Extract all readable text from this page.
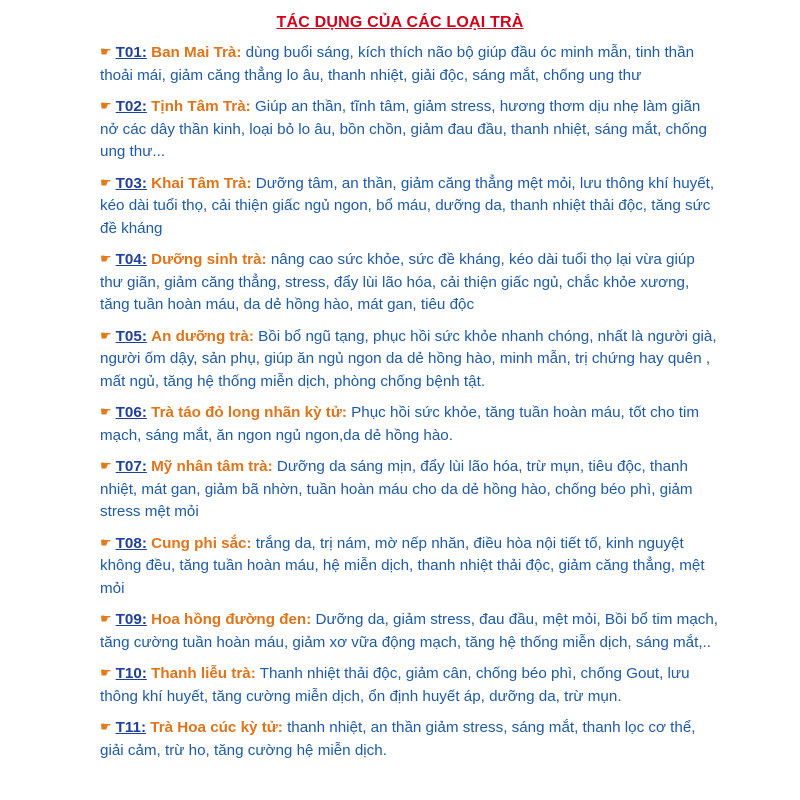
TÁC DỤNG CỦA CÁC LOẠI TRÀ
☛ T01: Ban Mai Trà: dùng buổi sáng, kích thích não bộ giúp đầu óc minh mẫn, tinh thần thoải mái, giảm căng thẳng lo âu, thanh nhiệt, giải độc, sáng mắt, chống ung thư
☛ T02: Tịnh Tâm Trà: Giúp an thần, tĩnh tâm, giảm stress, hương thơm dịu nhẹ làm giãn nở các dây thần kinh, loại bỏ lo âu, bồn chồn, giảm đau đầu, thanh nhiệt, sáng mắt, chống ung thư...
☛ T03: Khai Tâm Trà: Dưỡng tâm, an thần, giảm căng thẳng mệt mỏi, lưu thông khí huyết, kéo dài tuổi thọ, cải thiện giấc ngủ ngon, bổ máu, dưỡng da, thanh nhiệt thải độc, tăng sức đề kháng
☛ T04: Dưỡng sinh trà: nâng cao sức khỏe, sức đề kháng, kéo dài tuổi thọ lại vừa giúp thư giãn, giảm căng thẳng, stress, đẩy lùi lão hóa, cải thiện giấc ngủ, chắc khỏe xương, tăng tuần hoàn máu, da dẻ hồng hào, mát gan, tiêu độc
☛ T05: An dưỡng trà: Bồi bổ ngũ tạng, phục hồi sức khỏe nhanh chóng, nhất là người già, người ốm dậy, sản phụ, giúp ăn ngủ ngon da dẻ hồng hào, minh mẫn, trị chứng hay quên , mất ngủ, tăng hệ thống miễn dịch, phòng chống bệnh tật.
☛ T06: Trà táo đỏ long nhãn kỳ tử: Phục hồi sức khỏe, tăng tuần hoàn máu, tốt cho tim mạch, sáng mắt, ăn ngon ngủ ngon,da dẻ hồng hào.
☛ T07: Mỹ nhân tâm trà: Dưỡng da sáng mịn, đẩy lùi lão hóa, trừ mụn, tiêu độc, thanh nhiệt, mát gan, giảm bã nhờn, tuần hoàn máu cho da dẻ hồng hào, chống béo phì, giảm stress mệt mỏi
☛ T08: Cung phi sắc: trắng da, trị nám, mờ nếp nhăn, điều hòa nội tiết tố, kinh nguyệt không đều, tăng tuần hoàn máu, hệ miễn dịch, thanh nhiệt thải độc, giảm căng thẳng, mệt mỏi
☛ T09: Hoa hồng đường đen: Dưỡng da, giảm stress, đau đầu, mệt mỏi, Bồi bổ tim mạch, tăng cường tuần hoàn máu, giảm xơ vữa động mạch, tăng hệ thống miễn dịch, sáng mắt,..
☛ T10: Thanh liễu trà: Thanh nhiệt thải độc, giảm cân, chống béo phì, chống Gout, lưu thông khí huyết, tăng cường miễn dịch, ổn định huyết áp, dưỡng da, trừ mụn.
☛ T11: Trà Hoa cúc kỳ tử: thanh nhiệt, an thần giảm stress, sáng mắt, thanh lọc cơ thể, giải cảm, trừ ho, tăng cường hệ miễn dịch.
